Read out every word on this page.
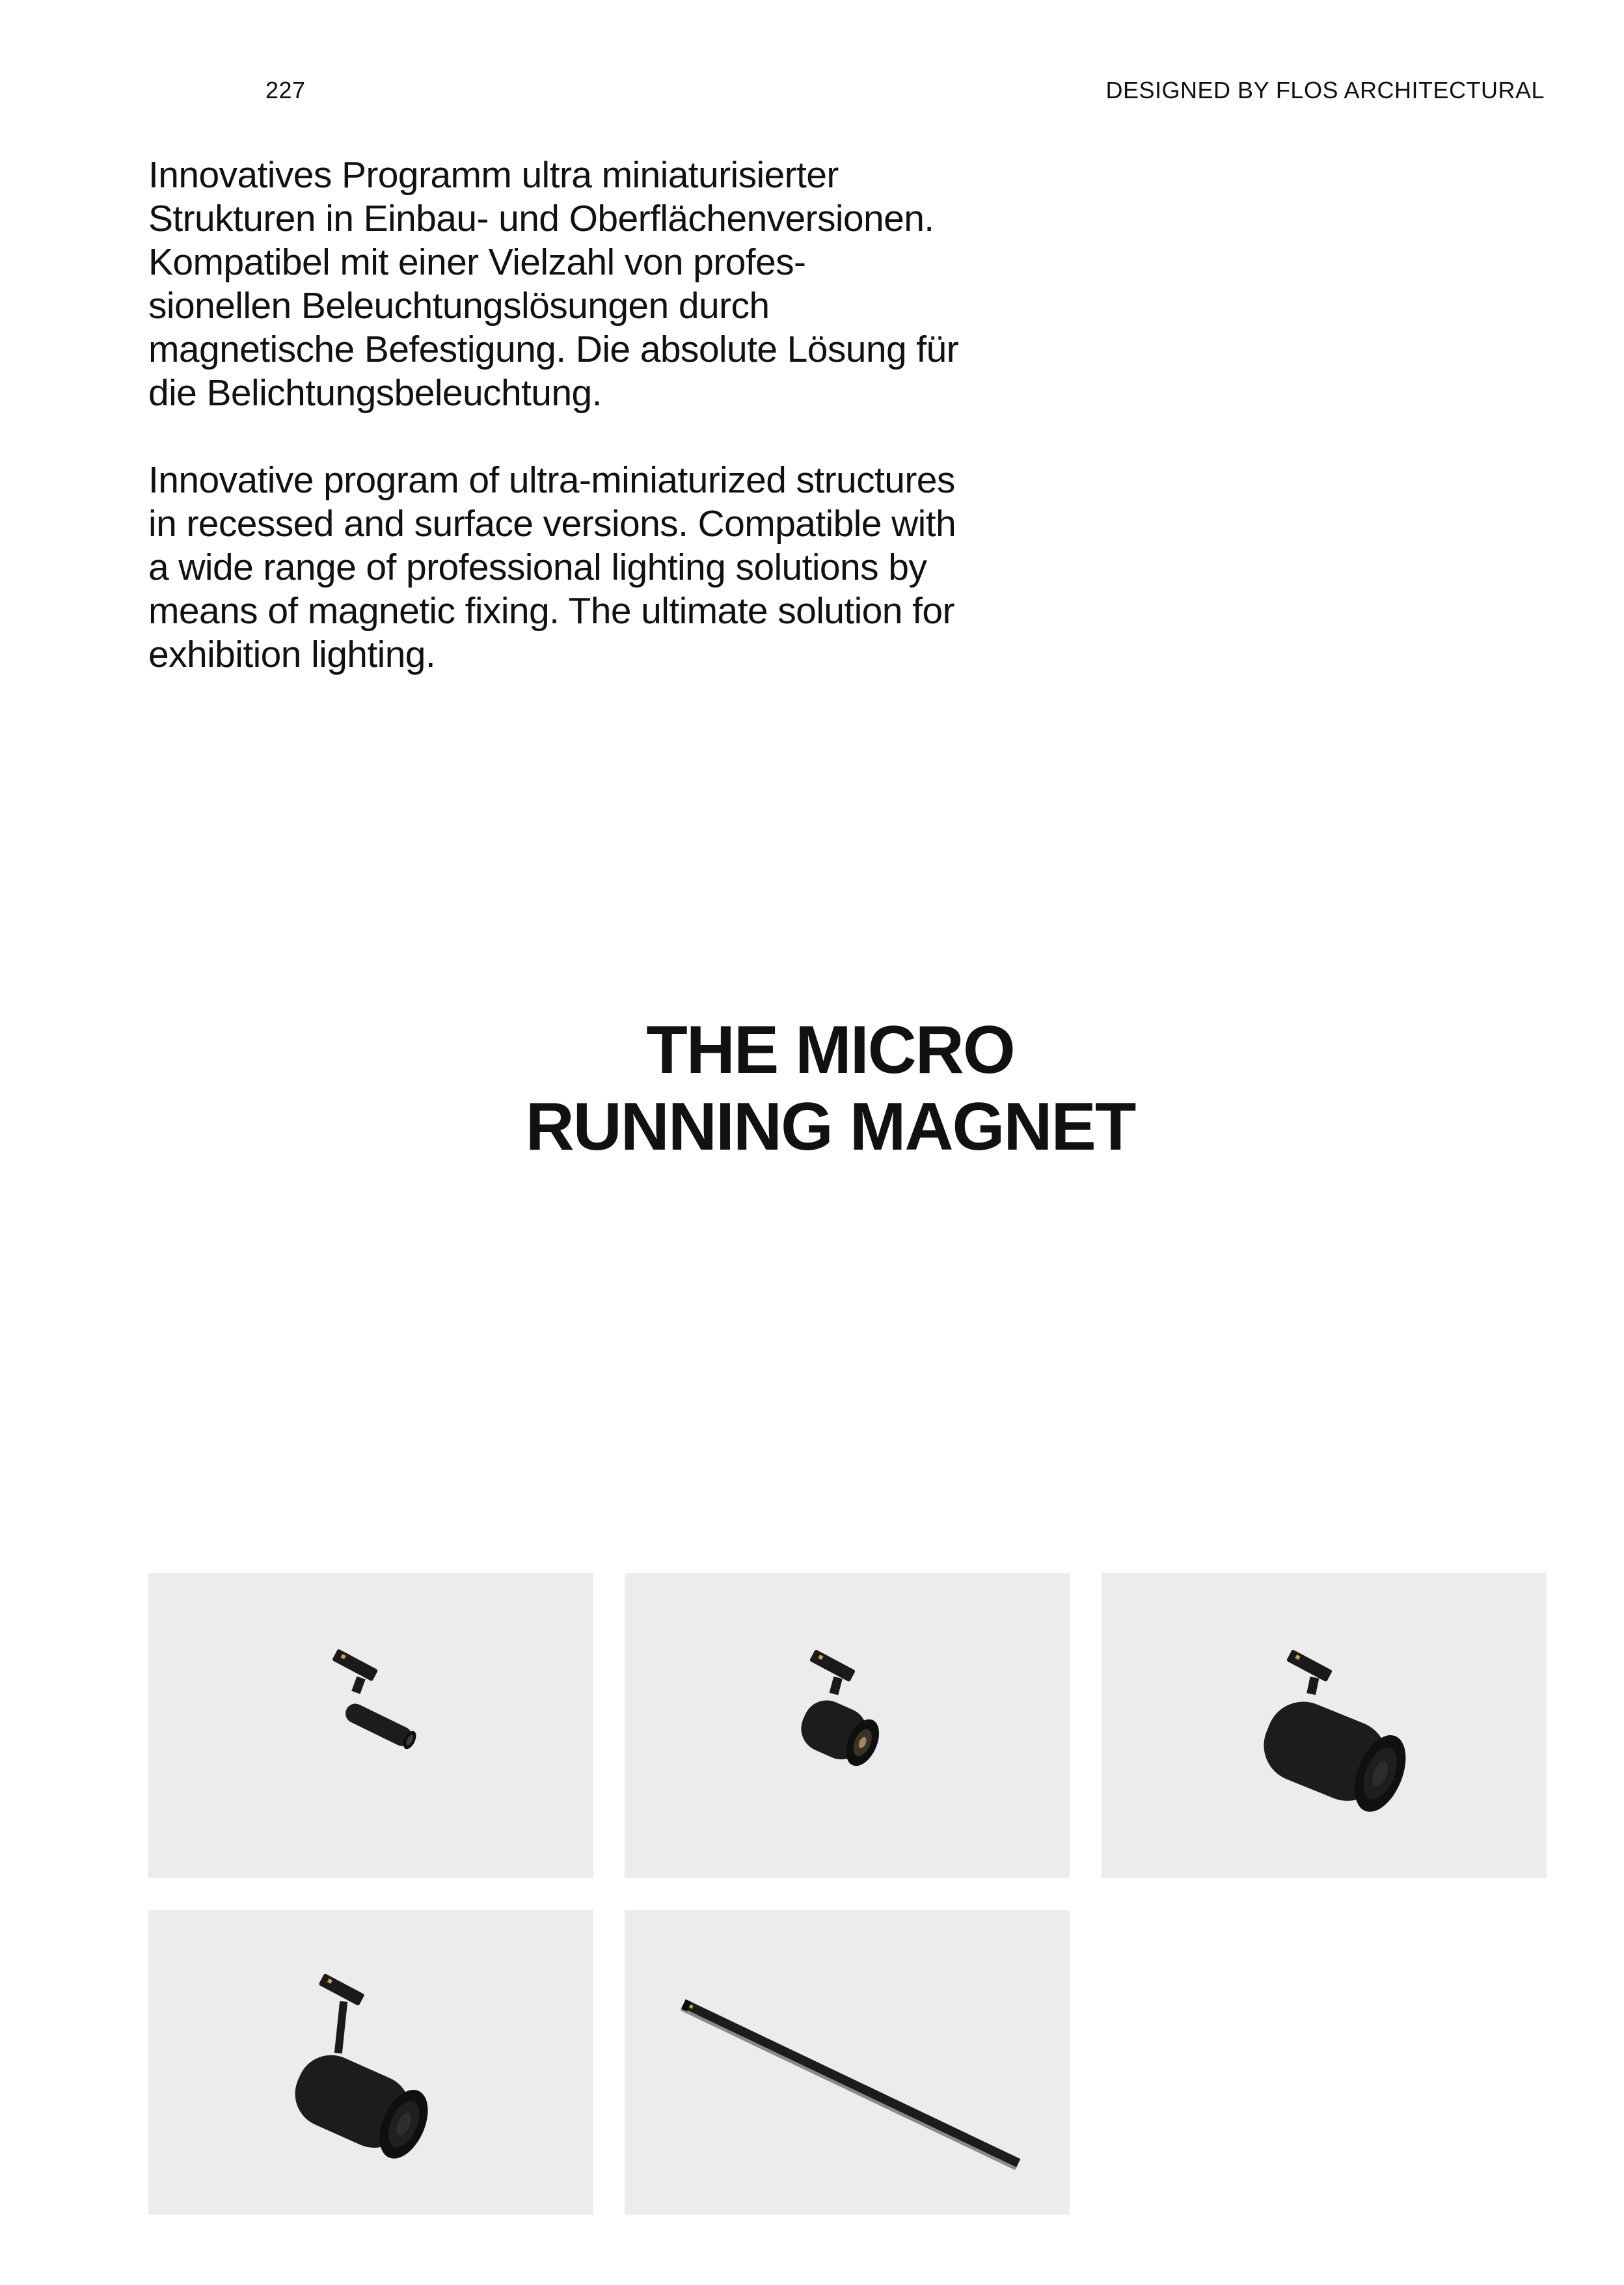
227	DESIGNED BY FLOS ARCHITECTURAL

Innovatives Programm ultra miniaturisierter
Strukturen in Einbau- und Oberflächenversionen.
Kompatibel mit einer Vielzahl von profes-
sionellen Beleuchtungslösungen durch
magnetische Befestigung. Die absolute Lösung für
die Belichtungsbeleuchtung.

Innovative program of ultra-miniaturized structures
in recessed and surface versions. Compatible with
a wide range of professional lighting solutions by
means of magnetic fixing. The ultimate solution for
exhibition lighting.

THE MICRO
RUNNING MAGNET
